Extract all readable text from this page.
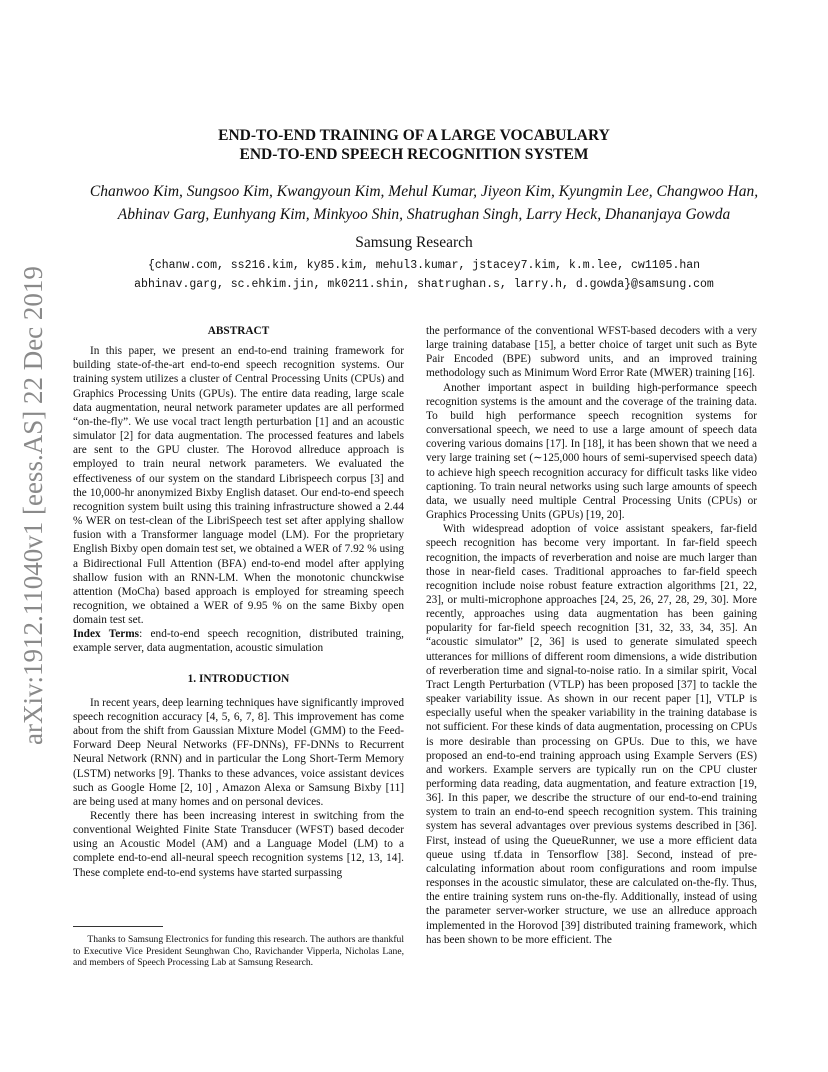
arXiv:1912.11040v1 [eess.AS] 22 Dec 2019
END-TO-END TRAINING OF A LARGE VOCABULARY
END-TO-END SPEECH RECOGNITION SYSTEM
Chanwoo Kim, Sungsoo Kim, Kwangyoun Kim, Mehul Kumar, Jiyeon Kim, Kyungmin Lee, Changwoo Han,
Abhinav Garg, Eunhyang Kim, Minkyoo Shin, Shatrughan Singh, Larry Heck, Dhananjaya Gowda
Samsung Research
{chanw.com, ss216.kim, ky85.kim, mehul3.kumar, jstacey7.kim, k.m.lee, cw1105.han
abhinav.garg, sc.ehkim.jin, mk0211.shin, shatrughan.s, larry.h, d.gowda}@samsung.com
ABSTRACT

In this paper, we present an end-to-end training framework for building state-of-the-art end-to-end speech recognition systems. Our training system utilizes a cluster of Central Processing Units (CPUs) and Graphics Processing Units (GPUs). The entire data reading, large scale data augmentation, neural network parameter updates are all performed “on-the-fly”. We use vocal tract length perturbation [1] and an acoustic simulator [2] for data augmentation. The processed features and labels are sent to the GPU cluster. The Horovod allreduce approach is employed to train neural network parameters. We evaluated the effectiveness of our system on the standard Librispeech corpus [3] and the 10,000-hr anonymized Bixby English dataset. Our end-to-end speech recognition system built using this training infrastructure showed a 2.44 % WER on test-clean of the LibriSpeech test set after applying shallow fusion with a Transformer language model (LM). For the proprietary English Bixby open domain test set, we obtained a WER of 7.92 % using a Bidirectional Full Attention (BFA) end-to-end model after applying shallow fusion with an RNN-LM. When the monotonic chunckwise attention (MoCha) based approach is employed for streaming speech recognition, we obtained a WER of 9.95 % on the same Bixby open domain test set.

Index Terms: end-to-end speech recognition, distributed training, example server, data augmentation, acoustic simulation

1. INTRODUCTION

In recent years, deep learning techniques have significantly improved speech recognition accuracy [4, 5, 6, 7, 8]. This improvement has come about from the shift from Gaussian Mixture Model (GMM) to the Feed-Forward Deep Neural Networks (FF-DNNs), FF-DNNs to Recurrent Neural Network (RNN) and in particular the Long Short-Term Memory (LSTM) networks [9]. Thanks to these advances, voice assistant devices such as Google Home [2, 10] , Amazon Alexa or Samsung Bixby [11] are being used at many homes and on personal devices.

Recently there has been increasing interest in switching from the conventional Weighted Finite State Transducer (WFST) based decoder using an Acoustic Model (AM) and a Language Model (LM) to a complete end-to-end all-neural speech recognition systems [12, 13, 14]. These complete end-to-end systems have started surpassing

Thanks to Samsung Electronics for funding this research. The authors are thankful to Executive Vice President Seunghwan Cho, Ravichander Vipperla, Nicholas Lane, and members of Speech Processing Lab at Samsung Research.

the performance of the conventional WFST-based decoders with a very large training database [15], a better choice of target unit such as Byte Pair Encoded (BPE) subword units, and an improved training methodology such as Minimum Word Error Rate (MWER) training [16].

Another important aspect in building high-performance speech recognition systems is the amount and the coverage of the training data. To build high performance speech recognition systems for conversational speech, we need to use a large amount of speech data covering various domains [17]. In [18], it has been shown that we need a very large training set (∼125,000 hours of semi-supervised speech data) to achieve high speech recognition accuracy for difficult tasks like video captioning. To train neural networks using such large amounts of speech data, we usually need multiple Central Processing Units (CPUs) or Graphics Processing Units (GPUs) [19, 20].

With widespread adoption of voice assistant speakers, far-field speech recognition has become very important. In far-field speech recognition, the impacts of reverberation and noise are much larger than those in near-field cases. Traditional approaches to far-field speech recognition include noise robust feature extraction algorithms [21, 22, 23], or multi-microphone approaches [24, 25, 26, 27, 28, 29, 30]. More recently, approaches using data augmentation has been gaining popularity for far-field speech recognition [31, 32, 33, 34, 35]. An “acoustic simulator” [2, 36] is used to generate simulated speech utterances for millions of different room dimensions, a wide distribution of reverberation time and signal-to-noise ratio. In a similar spirit, Vocal Tract Length Perturbation (VTLP) has been proposed [37] to tackle the speaker variability issue. As shown in our recent paper [1], VTLP is especially useful when the speaker variability in the training database is not sufficient. For these kinds of data augmentation, processing on CPUs is more desirable than processing on GPUs. Due to this, we have proposed an end-to-end training approach using Example Servers (ES) and workers. Example servers are typically run on the CPU cluster performing data reading, data augmentation, and feature extraction [19, 36]. In this paper, we describe the structure of our end-to-end training system to train an end-to-end speech recognition system. This training system has several advantages over previous systems described in [36]. First, instead of using the QueueRunner, we use a more efficient data queue using tf.data in Tensorflow [38]. Second, instead of pre-calculating information about room configurations and room impulse responses in the acoustic simulator, these are calculated on-the-fly. Thus, the entire training system runs on-the-fly. Additionally, instead of using the parameter server-worker structure, we use an allreduce approach implemented in the Horovod [39] distributed training framework, which has been shown to be more efficient. The
